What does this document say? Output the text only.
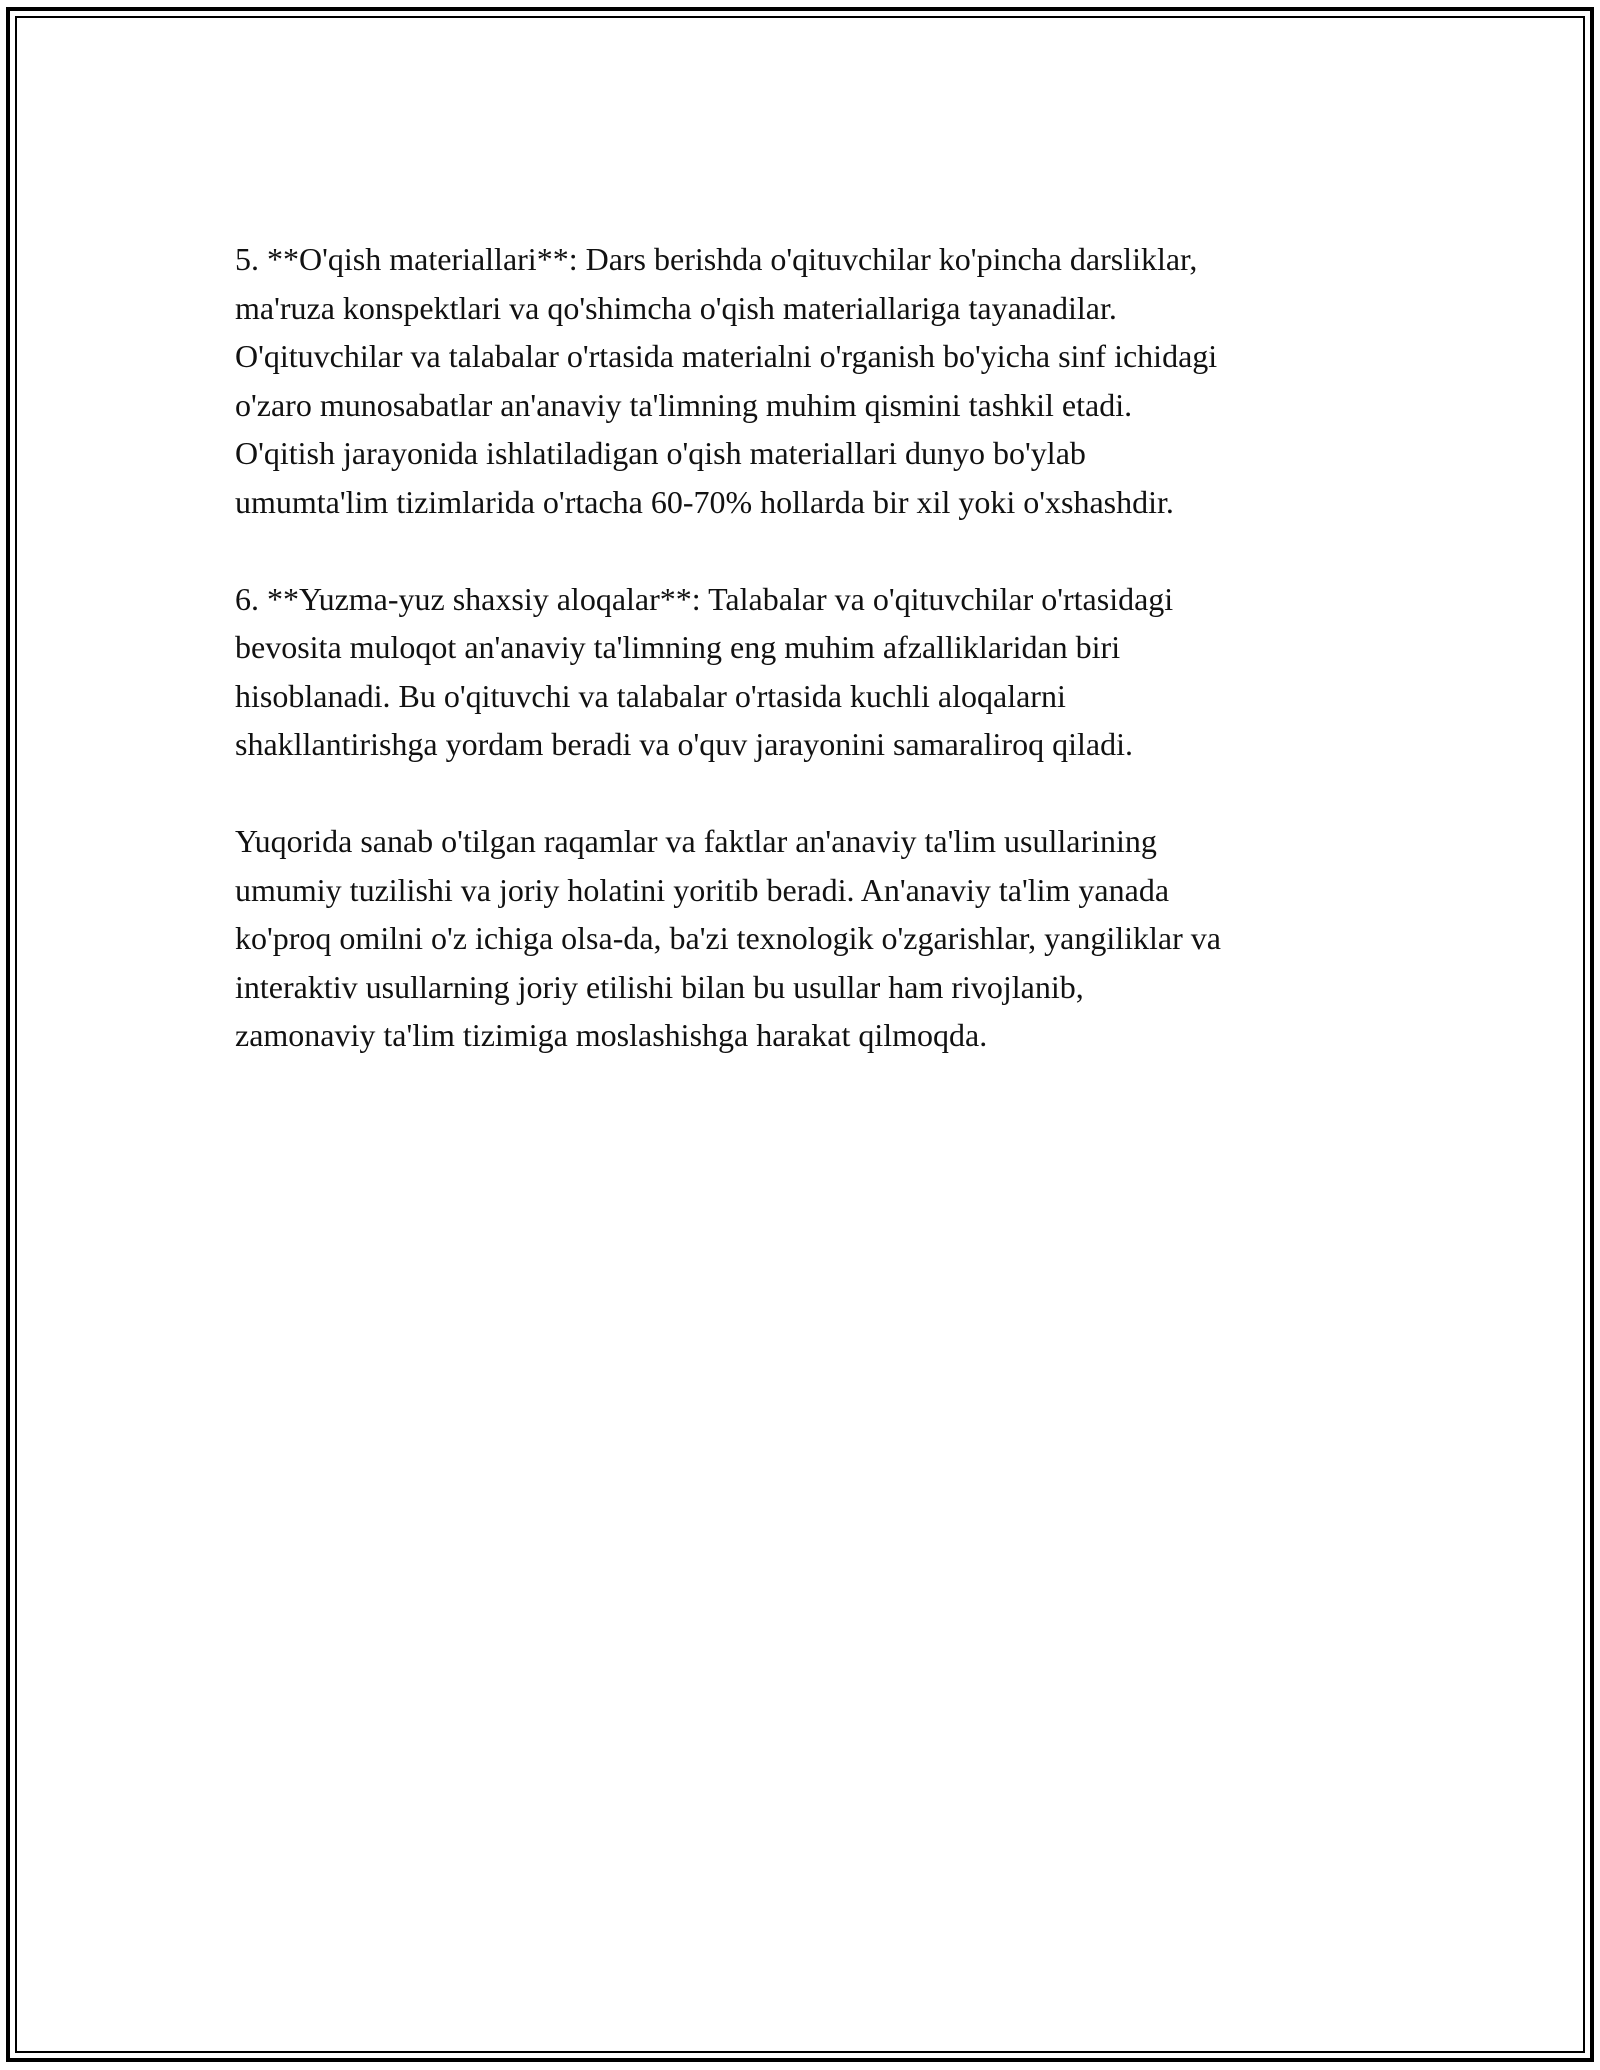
5. **O'qish materiallari**: Dars berishda o'qituvchilar ko'pincha darsliklar,
ma'ruza konspektlari va qo'shimcha o'qish materiallariga tayanadilar.
O'qituvchilar va talabalar o'rtasida materialni o'rganish bo'yicha sinf ichidagi
o'zaro munosabatlar an'anaviy ta'limning muhim qismini tashkil etadi.
O'qitish jarayonida ishlatiladigan o'qish materiallari dunyo bo'ylab
umumta'lim tizimlarida o'rtacha 60-70% hollarda bir xil yoki o'xshashdir.

6. **Yuzma-yuz shaxsiy aloqalar**: Talabalar va o'qituvchilar o'rtasidagi
bevosita muloqot an'anaviy ta'limning eng muhim afzalliklaridan biri
hisoblanadi. Bu o'qituvchi va talabalar o'rtasida kuchli aloqalarni
shakllantirishga yordam beradi va o'quv jarayonini samaraliroq qiladi.

Yuqorida sanab o'tilgan raqamlar va faktlar an'anaviy ta'lim usullarining
umumiy tuzilishi va joriy holatini yoritib beradi. An'anaviy ta'lim yanada
ko'proq omilni o'z ichiga olsa-da, ba'zi texnologik o'zgarishlar, yangiliklar va
interaktiv usullarning joriy etilishi bilan bu usullar ham rivojlanib,
zamonaviy ta'lim tizimiga moslashishga harakat qilmoqda.
